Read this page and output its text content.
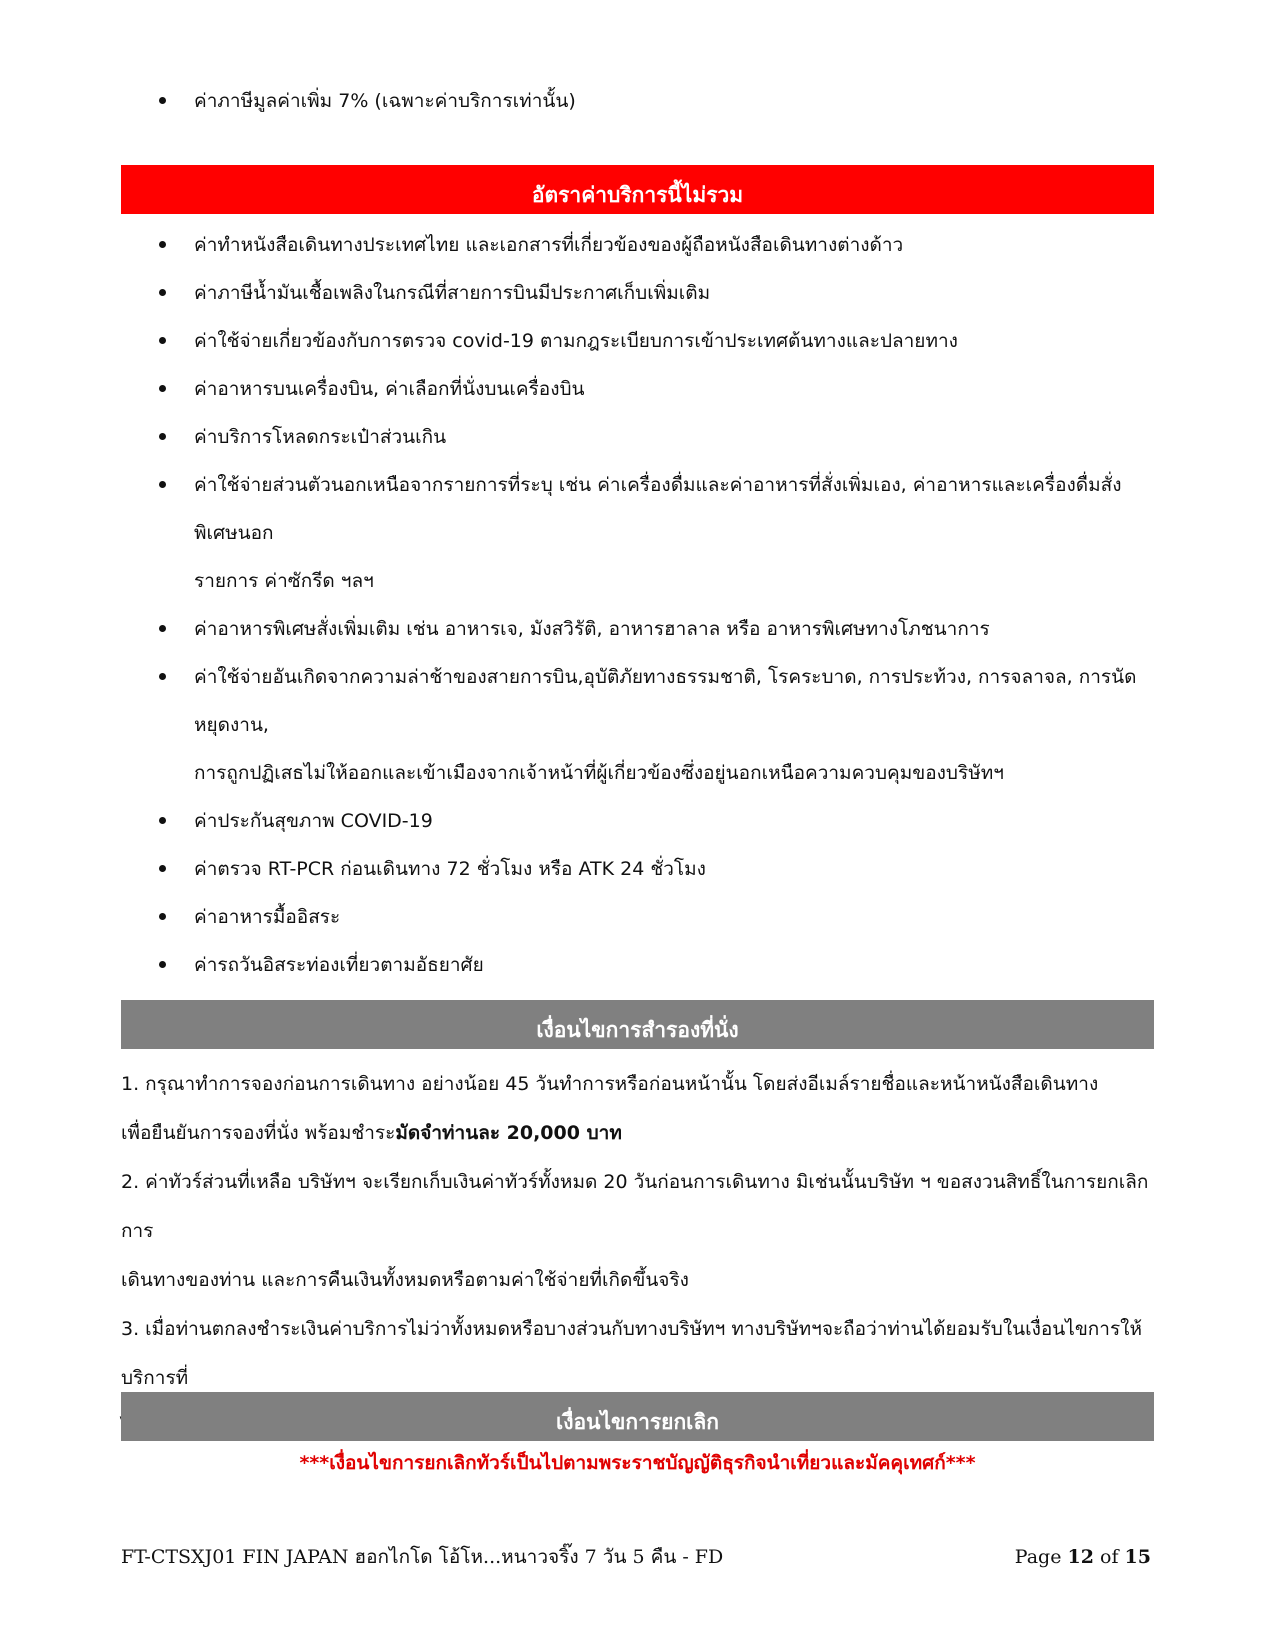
ค่าภาษีมูลค่าเพิ่ม 7% (เฉพาะค่าบริการเท่านั้น)
อัตราค่าบริการนี้ไม่รวม
ค่าทำหนังสือเดินทางประเทศไทย และเอกสารที่เกี่ยวข้องของผู้ถือหนังสือเดินทางต่างด้าว
ค่าภาษีน้ำมันเชื้อเพลิงในกรณีที่สายการบินมีประกาศเก็บเพิ่มเติม
ค่าใช้จ่ายเกี่ยวข้องกับการตรวจ covid-19 ตามกฎระเบียบการเข้าประเทศต้นทางและปลายทาง
ค่าอาหารบนเครื่องบิน, ค่าเลือกที่นั่งบนเครื่องบิน
ค่าบริการโหลดกระเป๋าส่วนเกิน
ค่าใช้จ่ายส่วนตัวนอกเหนือจากรายการที่ระบุ เช่น ค่าเครื่องดื่มและค่าอาหารที่สั่งเพิ่มเอง, ค่าอาหารและเครื่องดื่มสั่งพิเศษนอก
รายการ ค่าซักรีด ฯลฯ
ค่าอาหารพิเศษสั่งเพิ่มเติม เช่น อาหารเจ, มังสวิรัติ, อาหารฮาลาล หรือ อาหารพิเศษทางโภชนาการ
ค่าใช้จ่ายอันเกิดจากความล่าช้าของสายการบิน,อุบัติภัยทางธรรมชาติ, โรคระบาด, การประท้วง, การจลาจล, การนัดหยุดงาน,
การถูกปฏิเสธไม่ให้ออกและเข้าเมืองจากเจ้าหน้าที่ผู้เกี่ยวข้องซึ่งอยู่นอกเหนือความควบคุมของบริษัทฯ
ค่าประกันสุขภาพ COVID-19
ค่าตรวจ RT-PCR ก่อนเดินทาง 72 ชั่วโมง หรือ ATK 24 ชั่วโมง
ค่าอาหารมื้ออิสระ
ค่ารถวันอิสระท่องเที่ยวตามอัธยาศัย
เงื่อนไขการสำรองที่นั่ง

1. กรุณาทำการจองก่อนการเดินทาง อย่างน้อย 45 วันทำการหรือก่อนหน้านั้น โดยส่งอีเมล์รายชื่อและหน้าหนังสือเดินทาง

เพื่อยืนยันการจองที่นั่ง พร้อมชำระมัดจำท่านละ 20,000 บาท

2. ค่าทัวร์ส่วนที่เหลือ บริษัทฯ จะเรียกเก็บเงินค่าทัวร์ทั้งหมด 20 วันก่อนการเดินทาง มิเช่นนั้นบริษัท ฯ ขอสงวนสิทธิ์ในการยกเลิกการ

เดินทางของท่าน และการคืนเงินทั้งหมดหรือตามค่าใช้จ่ายที่เกิดขึ้นจริง

3. เมื่อท่านตกลงชำระเงินค่าบริการไม่ว่าทั้งหมดหรือบางส่วนกับทางบริษัทฯ ทางบริษัทฯจะถือว่าท่านได้ยอมรับในเงื่อนไขการให้บริการที่

เงื่อนไขการยกเลิก
***เงื่อนไขการยกเลิกทัวร์เป็นไปตามพระราชบัญญัติธุรกิจนำเที่ยวและมัคคุเทศก์***
FT-CTSXJ01 FIN JAPAN ฮอกไกโด โอ้โห...หนาวจริ๊ง 7 วัน 5 คืน - FD	Page 12 of 15
